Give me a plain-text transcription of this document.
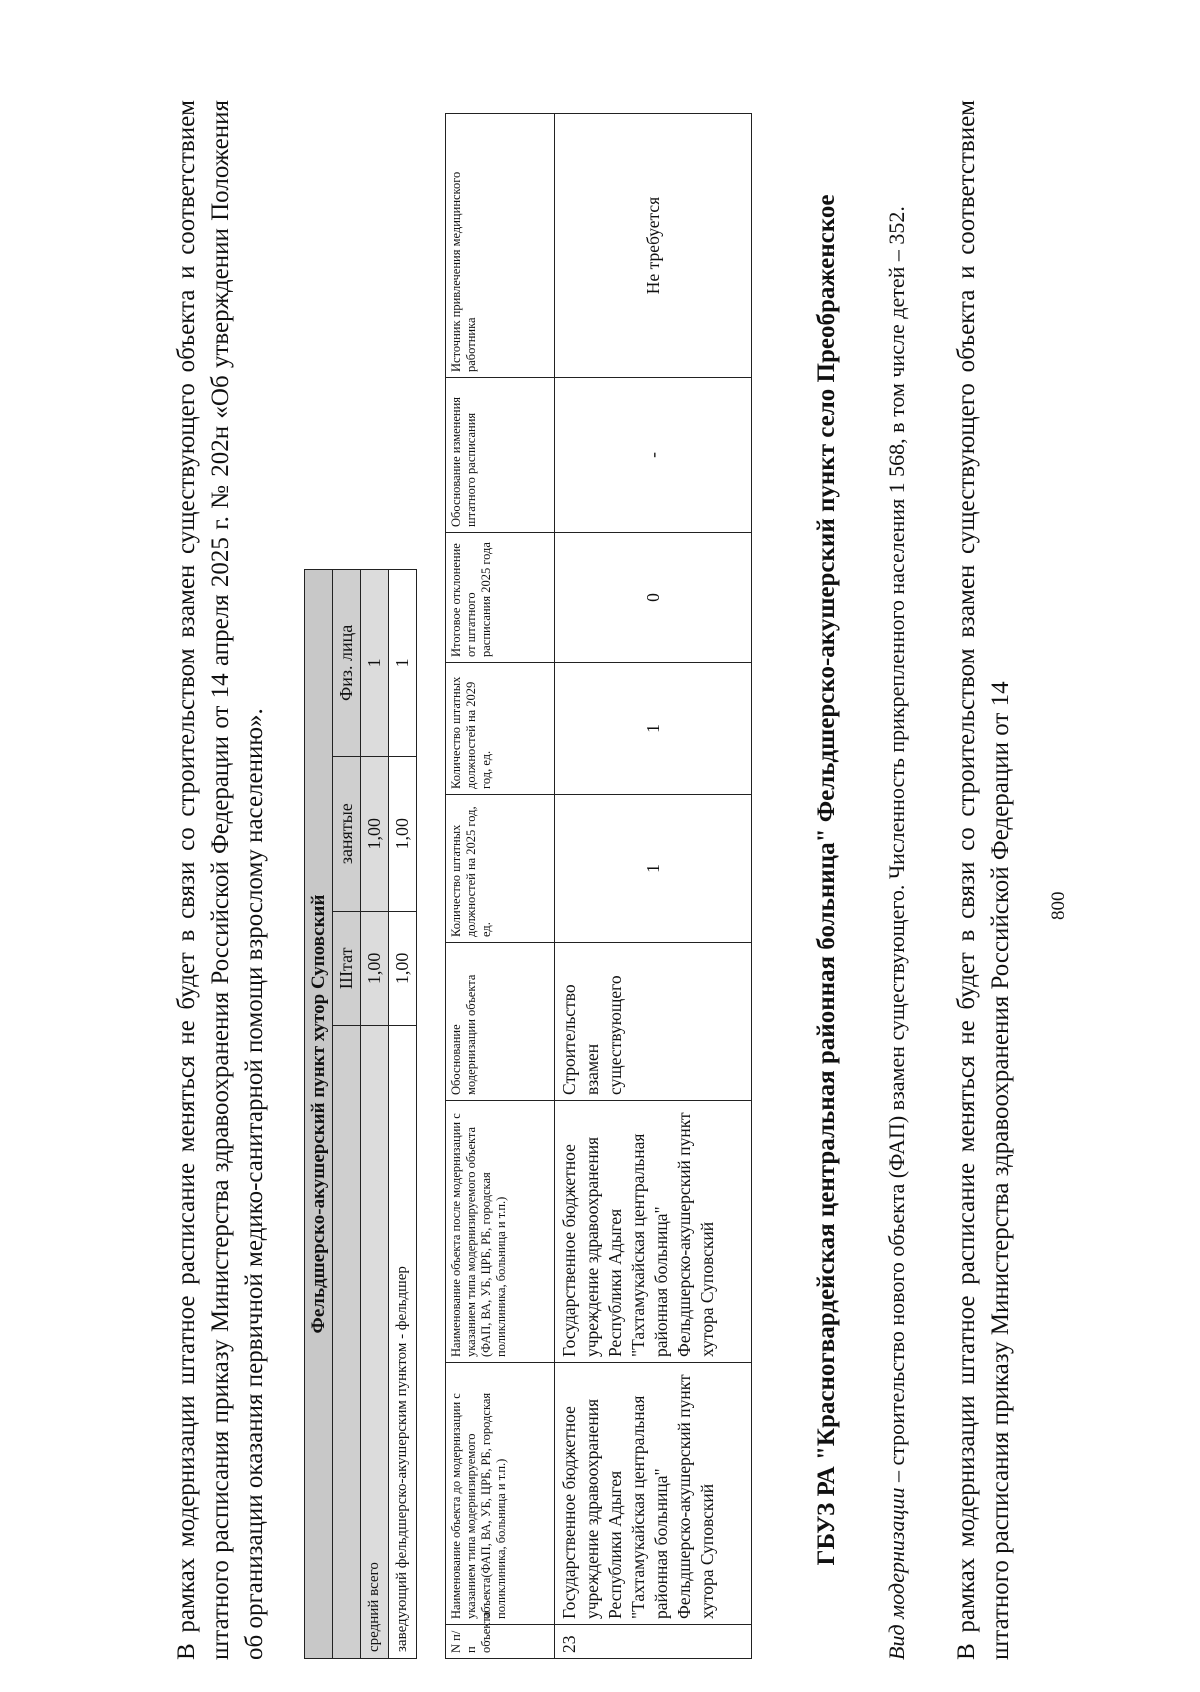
В рамках модернизации штатное расписание меняться не будет в связи со строительством взамен существующего объекта и соответствием штатного расписания приказу Министерства здравоохранения Российской Федерации от 14 апреля 2025 г. № 202н «Об утверждении Положения об организации оказания первичной медико-санитарной помощи взрослому населению». Фельдшерско-акушерский пункт хутор Суповский			
	Штат	занятые	Физ. лица
средний всего	1,00	1,00	1
заведующий фельдшерско-акушерским пунктом - фельдшер	1,00	1,00	1
N п/п объекта	Наименование объекта до модернизации с указанием типа модернизируемого объекта(ФАП, ВА, УБ, ЦРБ, РБ, городская поликлиника, больница и т.п.)	Наименование объекта после модернизации с указанием типа модернизируемого объекта (ФАП, ВА, УБ, ЦРБ, РБ, городская поликлиника, больница и т.п.)	Обоснование модернизации объекта	Количество штатных должностей на 2025 год, ед.	Количество штатных должностей на 2029 год, ед.	Итоговое отклонение от штатного расписания 2025 года	Обоснование изменения штатного расписания	Источник привлечения медицинского работника
23	Государственное бюджетное учреждение здравоохранения Республики Адыгея "Тахтамукайская центральная районная больница" Фельдшерско-акушерский пункт хутора Суповский	Государственное бюджетное учреждение здравоохранения Республики Адыгея "Тахтамукайская центральная районная больница" Фельдшерско-акушерский пункт хутора Суповский	Строительство взамен существующего	1	1	0	-	Не требуется	ГБУЗ РА "Красногвардейская центральная районная больница" Фельдшерско-акушерский пункт село Преображенское

Вид модернизации – строительство нового объекта (ФАП) взамен существующего. Численность прикрепленного населения 1 568, в том числе детей – 352. В рамках модернизации штатное расписание меняться не будет в связи со строительством взамен существующего объекта и соответствием штатного расписания приказу Министерства здравоохранения Российской Федерации от 14 800
